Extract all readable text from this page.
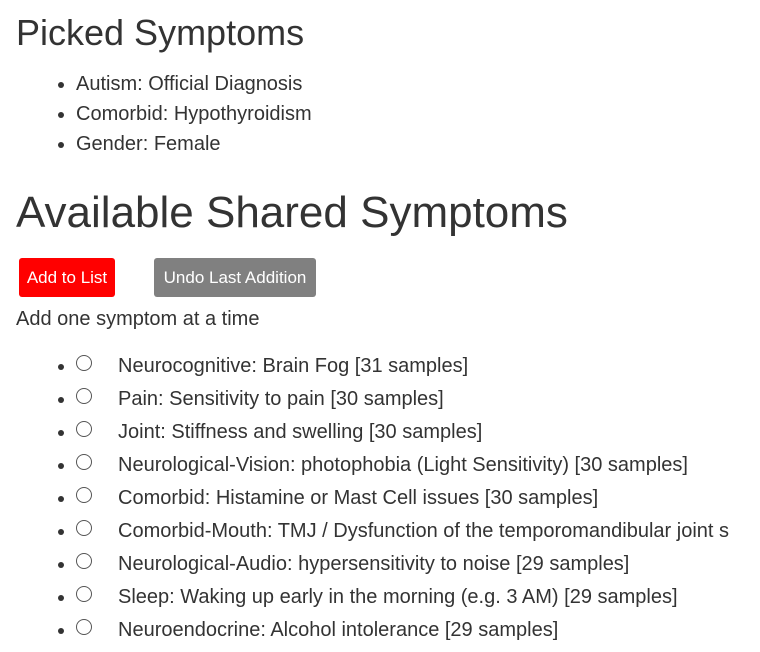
Picked Symptoms
• Autism: Official Diagnosis
• Comorbid: Hypothyroidism
• Gender: Female
Available Shared Symptoms
Add to List	Undo Last Addition
Add one symptom at a time
• Neurocognitive: Brain Fog [31 samples]
• Pain: Sensitivity to pain [30 samples]
• Joint: Stiffness and swelling [30 samples]
• Neurological-Vision: photophobia (Light Sensitivity) [30 samples]
• Comorbid: Histamine or Mast Cell issues [30 samples]
• Comorbid-Mouth: TMJ / Dysfunction of the temporomandibular joint s
• Neurological-Audio: hypersensitivity to noise [29 samples]
• Sleep: Waking up early in the morning (e.g. 3 AM) [29 samples]
• Neuroendocrine: Alcohol intolerance [29 samples]
